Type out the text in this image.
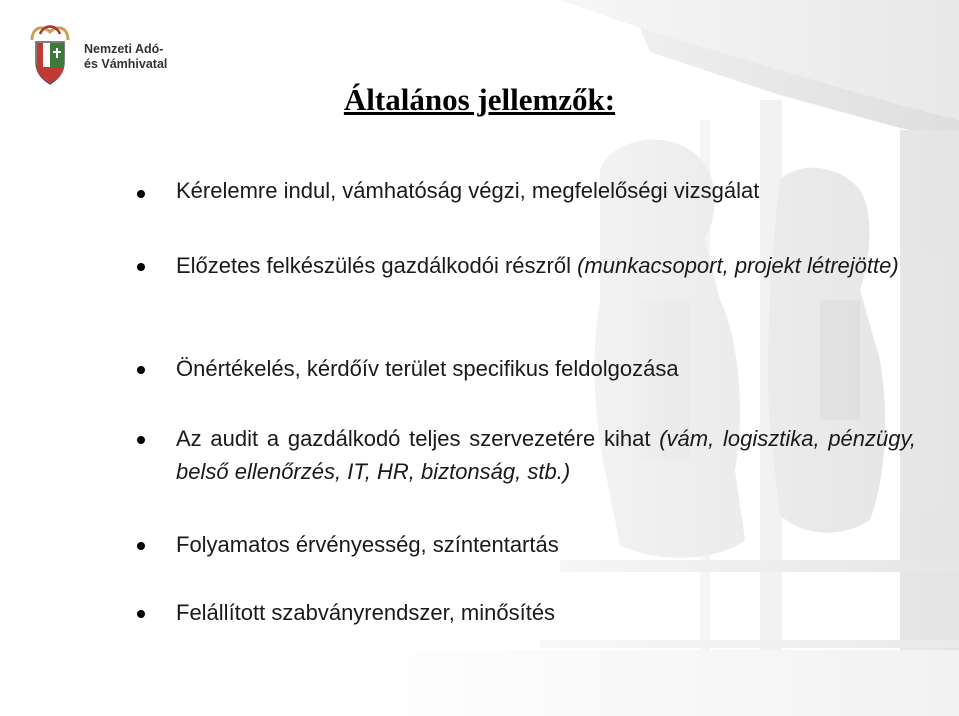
Nemzeti Adó-
és Vámhivatal
Általános jellemzők:
Kérelemre indul, vámhatóság végzi, megfelelőségi vizsgálat
Előzetes felkészülés gazdálkodói részről (munkacsoport, projekt létrejötte)
Önértékelés, kérdőív terület specifikus feldolgozása
Az audit a gazdálkodó teljes szervezetére kihat (vám, logisztika, pénzügy, belső ellenőrzés, IT, HR, biztonság, stb.)
Folyamatos érvényesség, színtentartás
Felállított szabványrendszer, minősítés
